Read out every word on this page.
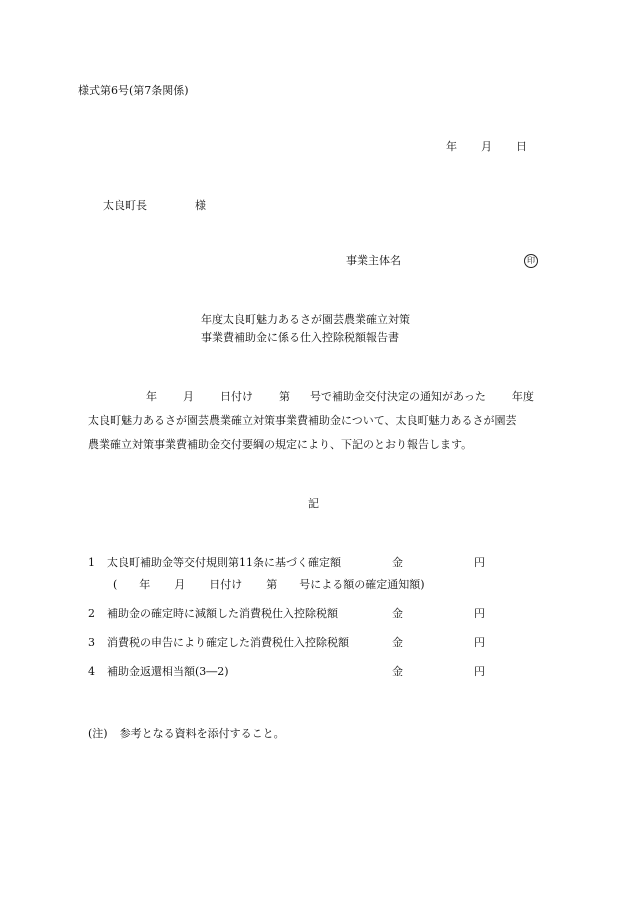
様式第6号(第7条関係)
年 月 日
太良町長	様
事業主体名	印
年度太良町魅力あるさが園芸農業確立対策
事業費補助金に係る仕入控除税額報告書
年 月 日付け 第 号で補助金交付決定の通知があった 年度
太良町魅力あるさが園芸農業確立対策事業費補助金について、太良町魅力あるさが園芸
農業確立対策事業費補助金交付要綱の規定により、下記のとおり報告します。
記
1 太良町補助金等交付規則第11条に基づく確定額	金	円
( 年 月 日付け 第 号による額の確定通知額)
2 補助金の確定時に減額した消費税仕入控除税額	金	円
3 消費税の申告により確定した消費税仕入控除税額	金	円
4 補助金返還相当額(3―2)	金	円
(注) 参考となる資料を添付すること。
